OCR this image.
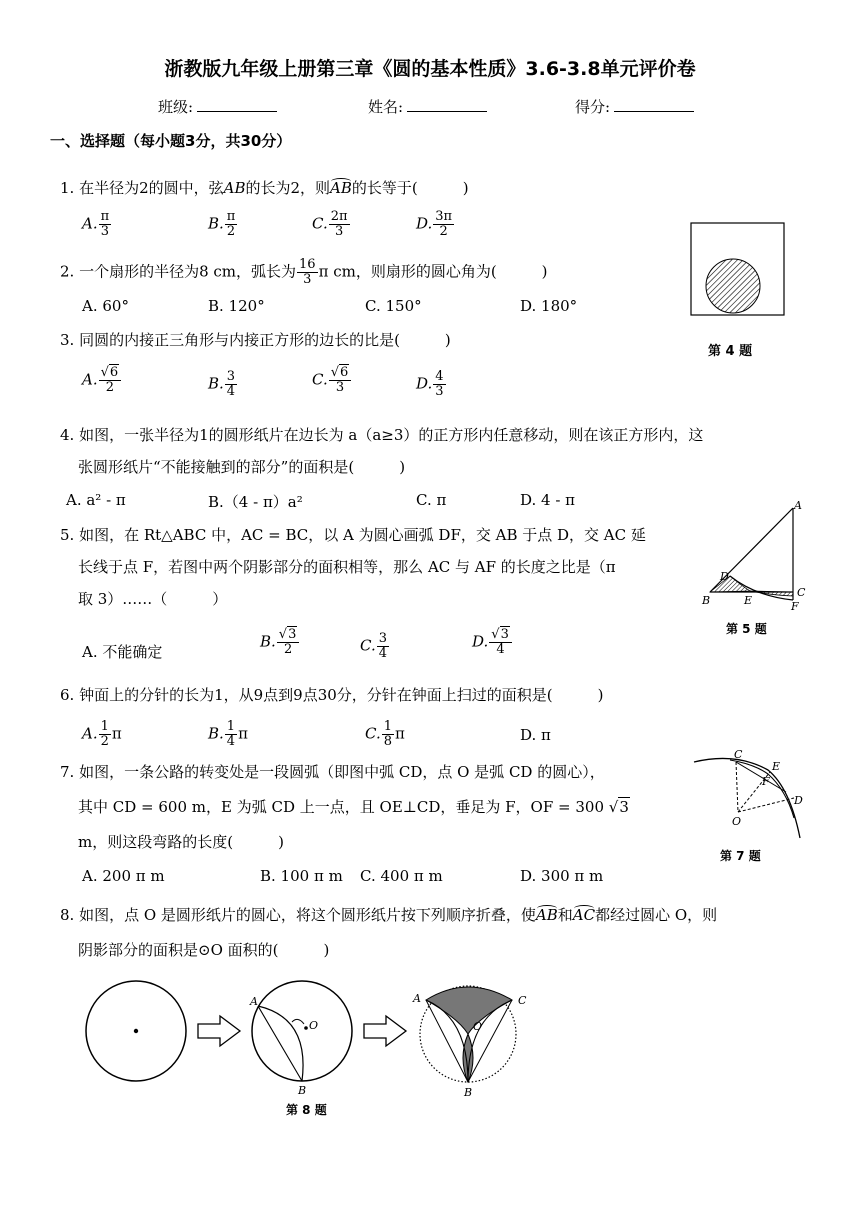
浙教版九年级上册第三章《圆的基本性质》3.6-3.8单元评价卷
班级:	姓名:	得分:
一、选择题（每小题3分，共30分）
1. 在半径为2的圆中，弦AB的长为2，则AB的长等于(　　　)
A. $\frac{\pi}{3}$	B. $\frac{\pi}{2}$	C. $\frac{2\pi}{3}$	D. $\frac{3\pi}{2}$
第 4 题
2. 一个扇形的半径为8 cm，弧长为 $\frac{16}{3}$ π cm，则扇形的圆心角为(　　　)
A. 60°	B. 120°	C. 150°	D. 180°
3. 同圆的内接正三角形与内接正方形的边长的比是(　　　)
A. $\frac{√6}{2}$	B. $\frac{3}{4}$	C. $\frac{√6}{3}$	D. $\frac{4}{3}$
4. 如图，一张半径为1的圆形纸片在边长为 a（a≥3）的正方形内任意移动，则在该正方形内，这
张圆形纸片“不能接触到的部分”的面积是(　　　)
A. a² - π	B.（4 - π）a²	C. π	D. 4 - π
5. 如图，在 Rt△ABC 中，AC = BC，以 A 为圆心画弧 DF，交 AB 于点 D，交 AC 延
长线于点 F，若图中两个阴影部分的面积相等，那么 AC 与 AF 的长度之比是（π
取 3）……（　　　）
A
B
C
D
E	F
第 5 题
A. 不能确定
B. $\frac{√3}{2}$	C. $\frac{3}{4}$	D. $\frac{√3}{4}$
6. 钟面上的分针的长为1，从9点到9点30分，分针在钟面上扫过的面积是(　　　)
A. $\frac{1}{2}$ π	B. $\frac{1}{4}$ π	C. $\frac{1}{8}$ π	D. π
7. 如图，一条公路的转变处是一段圆弧（即图中弧 CD，点 O 是弧 CD 的圆心），
其中 CD = 600 m，E 为弧 CD 上一点，且 OE⊥CD，垂足为 F，OF = 300 √3
m，则这段弯路的长度(　　　)
A. 200 π m	B. 100 π m C. 400 π m	D. 300 π m
C
E
F
D
O
第 7 题
8. 如图，点 O 是圆形纸片的圆心，将这个圆形纸片按下列顺序折叠，使AB和AC都经过圆心 O，则
阴影部分的面积是⊙O 面积的(　　　)
A
O
B
A	C
O
B
第 8 题
